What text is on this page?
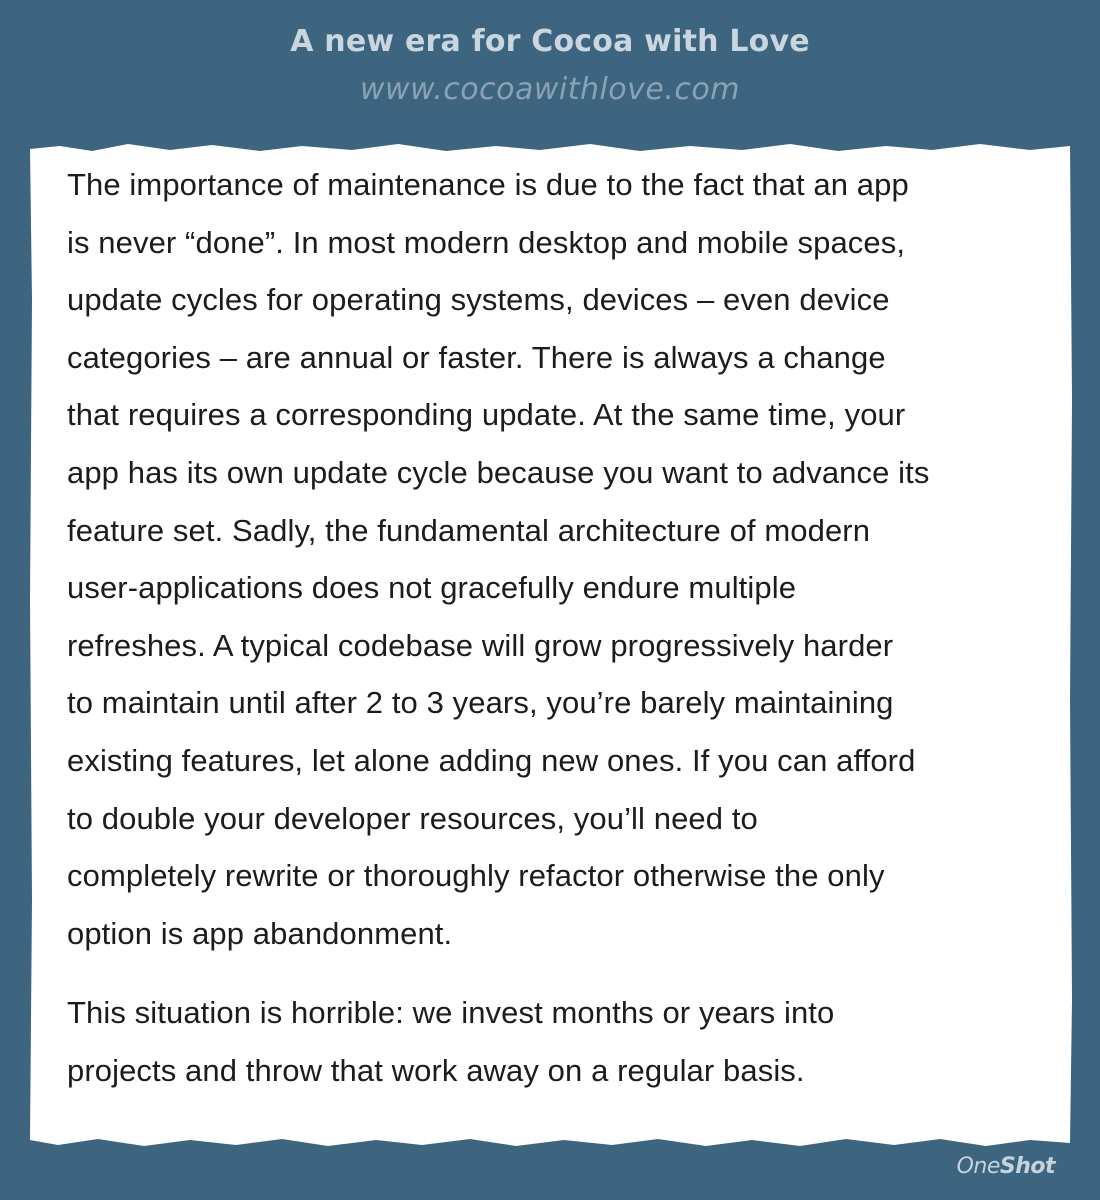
A new era for Cocoa with Love
www.cocoawithlove.com

The importance of maintenance is due to the fact that an app
is never “done”. In most modern desktop and mobile spaces,
update cycles for operating systems, devices – even device
categories – are annual or faster. There is always a change
that requires a corresponding update. At the same time, your
app has its own update cycle because you want to advance its
feature set. Sadly, the fundamental architecture of modern
user-applications does not gracefully endure multiple
refreshes. A typical codebase will grow progressively harder
to maintain until after 2 to 3 years, you’re barely maintaining
existing features, let alone adding new ones. If you can afford
to double your developer resources, you’ll need to
completely rewrite or thoroughly refactor otherwise the only
option is app abandonment.

This situation is horrible: we invest months or years into
projects and throw that work away on a regular basis.

OneShot
